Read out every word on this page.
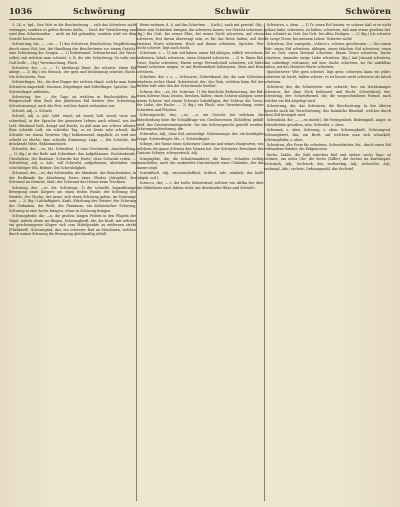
1036	Schwörung	Schwür	Schwören

3. 14. u. fgd.; Den Wirt in die Beschwörung ... sich das Schwören nicht vertragen; sondern es gelten Beweis dafür, ... Nach der Versicherung nun wird dem Schwörenden ... nicht im Eid gebunden, sondern wird vor dem Gericht beschworen.

Schwörung, die; — —en. — 1) das Schwören, Beschwören, Verpflichtung durch einen Eid; bes. die Handlung des Beschwörens vor einem Gericht, eine Schwörung der Zeugen. — 2) Eidesformel, Schwurformel, die Worte selbst, mit welchen man schwört, z. B. die alte Schwörung: So wahr mir Gott helfe ... (fig.) Verwünschung, Fluch.

Schwörer, der; —s, —. 1) überhaupt Einer, der schwört, einen Eid ablegt. — 2) (fig.) ein Mensch, der gern und leichtsinnig schwört, flucht. Die Schwörerin, Fem.

Schwörfinger, Mz., die drei Finger der rechten Hand, welche man beim Schwören emporhält: Daumen, Zeigefinger und Mittelfinger. Sprichw.: Die Schwörfinger aufheben.

Schwörtag, der; — die Tage, an welchen in Reichsstädten die Bürgerschaft dem Rath den jährlichen Eid leistete (der Schwörtag, Schwörmontag); auch das Fest, welches damit verbunden war.

Schwul, Adj., s. Schwül.

Schwül, Adj. u. Adv. [altd. swuel; nd. swoel; holl. zwoel; verw. mit schwelen], in der Sprache des gemeinen Lebens auch schwul, von der Luft: drückend heiß, dumpf und feucht, so daß man nur schwer athmet: Eine schwüle Luft; ein schwüler Tag; es ist heute sehr schwül; die Schwüle vor einem Gewitter. (fig.) beklemmend, ängstlich; es wird mir schwül zu Muthe; eine schwüle Stimmung, Lage. — Die Schwüle, die drückende Hitze, Beklommenheit.

Schwulst, der; —es, Mz. Schwülste. 1) eine Geschwulst, Anschwellung. — 2) (fig.) in der Rede und Schreibart: das Aufgeblasene, Hochtrabende, Überladene, der Bombast; Schwulst der Worte; ohne Schwulst reden. — Schwülstig, Adj. u. Adv., voll Schwulst, aufgedunsen, überladen: ein schwülstiger Stil, Redner. Die Schwülstigkeit.

Schwund, der; —es, das Schwinden, die Abnahme, das Einschwinden; in der Heilkunde die Abzehrung, Darre eines Gliedes (Atrophie); der Schwund an Gewicht, Maß; der Schwund des Holzes beim Trocknen.

Schwung, der; —es, Mz. Schwünge. 1) die schnelle, bogenförmige Bewegung eines Körpers um einen festen Punkt: der Schwung des Pendels, der Glocke, der Arme; sich einen Schwung geben; im Schwunge sein. — 2) (fig.) Lebhaftigkeit, Kraft, Erhebung des Geistes: der Schwung der Gedanken, der Rede, der Phantasie; ein dichterischer Schwung; Schwung in eine Sache bringen; etwas in Schwung bringen.

Schwungfeder, die; —n, die großen, langen Federn in den Flügeln der Vögel, mittels deren sie fliegen. Schwungkraft, die; die Kraft, mit welcher ein geschwungener Körper sich vom Mittelpunkte zu entfernen strebt (Fliehkraft). Schwungrad, das; ein schweres Rad an Maschinen, welches durch seinen Schwung die Bewegung gleichmäßig erhält.

Weise nehmen, d. h. auf das Schwören ... (Luth.); auch mit persönl. Obj.: Einen zum Schwören bringen, ihn schwören lassen; vor Gericht schwören. (fig.) Bei Gott, bei seiner Ehre, bei seiner Seele schwören; auf etwas schwören, fest davon überzeugt sein, es für das Beste halten; auf des Meisters Worte schwören. Hoch und theuer schwören. Sprichw.: Wer leicht schwört, lügt auch leicht.

Schwören, v. — 1) intr. mit haben: einen Eid ablegen, eidlich versichern, betheuern; falsch schwören; einen Meineid schwören. — 2) tr. Einen Eid, Treue, Rache schwören; Einem ewige Freundschaft schwören; ich hätte darauf schwören mögen, es mit Bestimmtheit behaupten; Stein und Bein schwören.

Schwörer, der, s. o. — Schworen, Schwörhand, die; die zum Schwören erhobene rechte Hand. Schwörstab, der; der Stab, welchen beim Eid der Richter hält oder den der Schwörende berührt.

Schwur, der; —es, Mz. Schwüre. 1) die feierliche Betheuerung, der Eid: einen Schwur thun, leisten, brechen, halten; einen Schwur ablegen; unter einem Schwur; mit einem Schwure bekräftigen; der Schwur der Treue, der Liebe, der Rache. — 2) (fig.) ein Fluch, eine Verwünschung; unter Schwüren und Flüchen.

Schwurgericht, das; —es, —e, ein Gericht, bei welchem die Entscheidung über die Schuldfrage von Geschworenen (Schöffen) gefällt wird; das Geschworenengericht. Vor das Schwurgericht gestellt werden. Schwurgerichtssitzung, die.

Schwurlos, Adj., ohne Eid, unbeeidigt. Schwurzeuge, der, ein beeidigter Zeuge. Schwurfinger, Mz., s. Schwörfinger.

Schwyz, der Name eines Schweizer Cantons und seines Hauptortes, von welchem die ganze Schweiz den Namen hat. Der Schwyzer, Bewohner des Cantons Schwyz; schwyzerisch, Adj.

Sciagraphie, die; die Schattenmalerei; die Kunst, Schatten richtig darzustellen; auch der senkrechte Durchschnitt eines Gebäudes, der das Innere zeigt.

Scientifisch, Adj., wissenschaftlich. Scilicet, Adv., nämlich, das heißt (abgek. scil.).

Scirocco, der; — s, der heiße Südostwind, welcher von Afrika her über das Mittelmeer nach Italien weht, mit drückender Hitze und Schwüle.

Schwören, s. oben. — 1) Tr. einen Eid leisten: er schwor, daß er es nicht gethan habe; schwören, zu halten; schwören, daß man etwas gesehen hat. Man schwört zu Gott, bei Gott, bei allen Heiligen. — 2) (fig.) Ich schwöre dir ewige Treue; bei meinem Leben! Schwöre nicht!

Schwören, Ztw. unregelm., schwor u. schwur, geschworen. — Von einem Eide: einen Eid schwören, ablegen; einen falschen Eid schwören; einen Eid zu Gott, einen Meineid schwören. Einem Treue schwören; Rache schwören; einander ewige Liebe schwören. (fig.) Auf Jemand schwören, ihm unbedingt vertrauen; auf eine Sache schwören, sie für unfehlbar halten; auf des Meisters Worte schwören.

Sprichwörter: Wer gern schwört, lügt gern; schwören kann ein jeder; schwören ist leicht, halten schwer; es ist besser nicht schwören als falsch schwören.

Schwörer, der, die Schwörerin: wer schwört; bes. ein leichtsinniger Schwörer, der ohne Noth betheuert und flucht. Schwörbrief, der; Schwörtag, der; Schwörformel, die; die vorgeschriebene Formel, nach welcher ein Eid abgelegt wird.

Schwörung, die; das Schwören; die Beschwörung. In der älteren Sprache auch die Verschwörung, das heimliche Bündniß, welches durch einen Eid besiegelt wird.

Schwulität, die; —, —en (niedr.), die Verlegenheit, Bedrängniß, Angst; in Schwulitäten gerathen, sein. Schwulst, s. oben.

Schwund, s. oben. Schwung, s. oben. Schwungkraft, Schwungrad, Schwungbrett, das; ein Brett, auf welchem man sich schaukelt; Schwungfeder, s. oben.

Schwüren, alte Form für schwören. Schwurbrüder, Mz., durch einen Eid verbundene Brüder; die Eidgenossen.

Sechs, Zahlw., die Zahl zwischen fünf und sieben: sechs Tage; zu sechsen; um sechs Uhr; die Sechs (Ziffer); die Sechse im Kartenspiel. Sechsfach, Adj.; Sechseck, das; sechseckig, Adj.; sechserlei, Adj.; sechsmal, Adv.; sechste, Ordnungszahl; das Sechstel.
